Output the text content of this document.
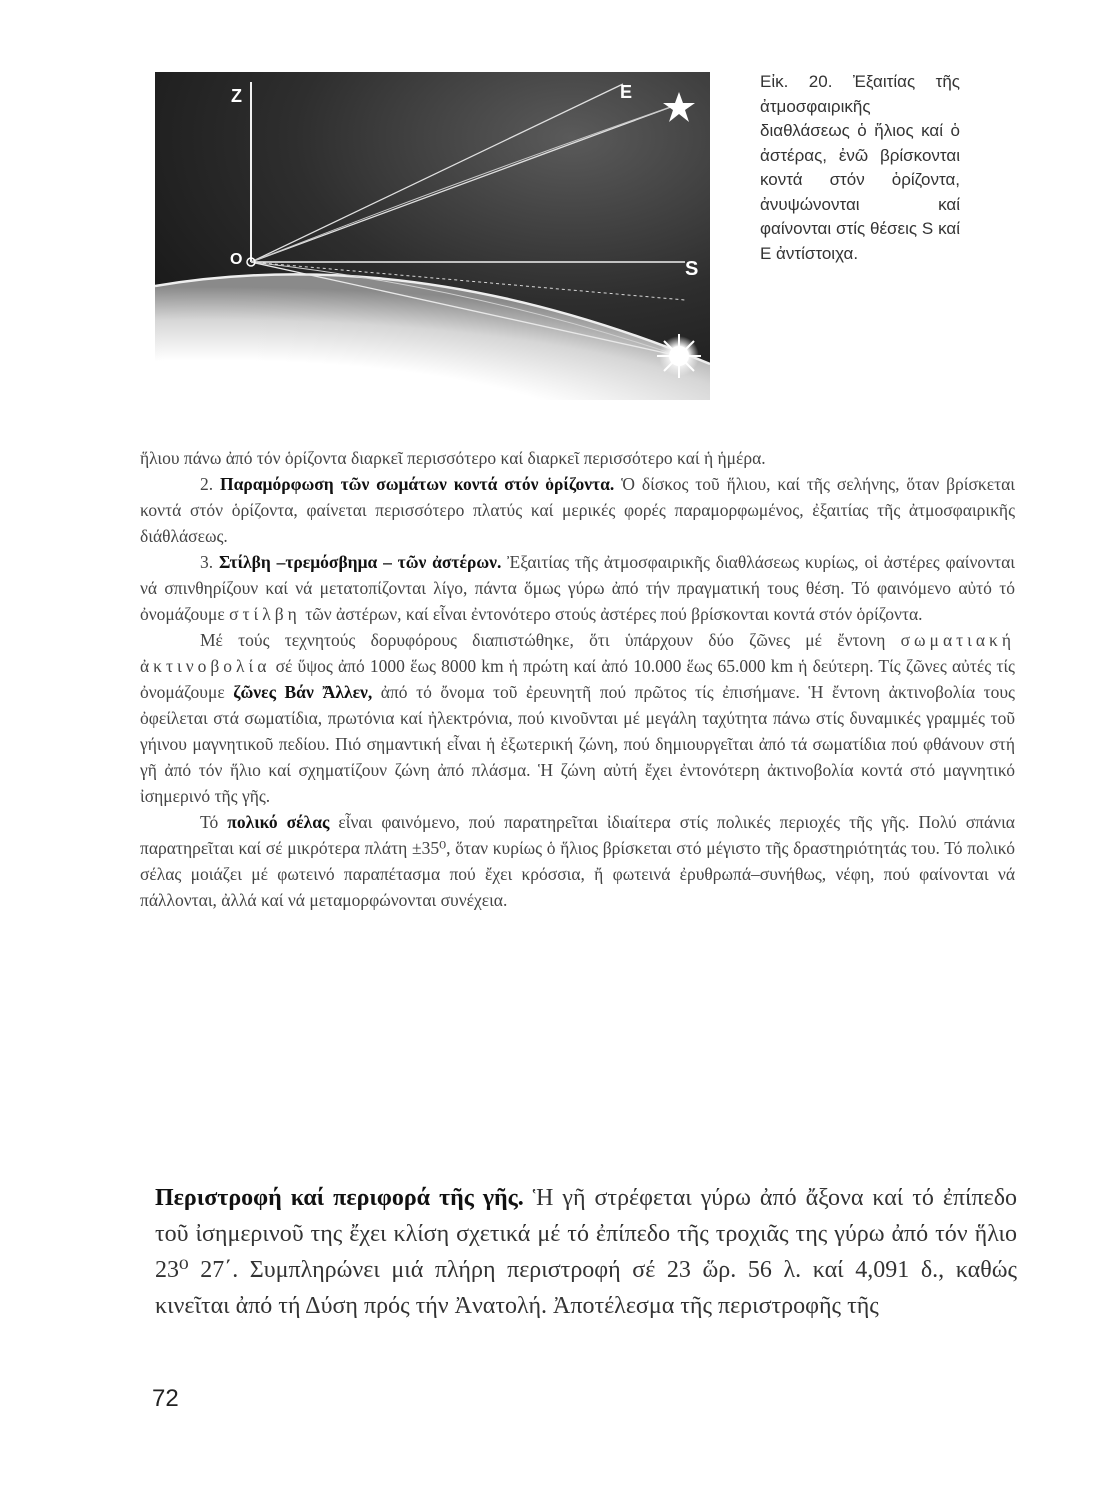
Z	E
O	S

Εἰκ. 20. Ἐξαιτίας τῆς ἀτμοσφαιρικῆς διαθλάσεως ὁ ἥλιος καί ὁ ἀστέρας, ἐνῶ βρίσκονται κοντά στόν ὁρίζοντα, ἀνυψώνονται καί φαίνονται στίς θέσεις S καί E ἀντίστοιχα.

ἥλιου πάνω ἀπό τόν ὁρίζοντα διαρκεῖ περισσότερο καί διαρκεῖ περισσότερο καί ἡ ἡμέρα.

2. Παραμόρφωση τῶν σωμάτων κοντά στόν ὁρίζοντα. Ὁ δίσκος τοῦ ἥλιου, καί τῆς σελήνης, ὅταν βρίσκεται κοντά στόν ὁρίζοντα, φαίνεται περισσότερο πλατύς καί μερικές φορές παραμορφωμένος, ἐξαιτίας τῆς ἀτμοσφαιρικῆς διάθλάσεως.

3. Στίλβη –τρεμόσβημα – τῶν ἀστέρων. Ἐξαιτίας τῆς ἀτμοσφαιρικῆς διαθλάσεως κυρίως, οἱ ἀστέρες φαίνονται νά σπινθηρίζουν καί νά μετατοπίζονται λίγο, πάντα ὅμως γύρω ἀπό τήν πραγματική τους θέση. Τό φαινόμενο αὐτό τό ὀνομάζουμε στίλβη τῶν ἀστέρων, καί εἶναι ἐντονότερο στούς ἀστέρες πού βρίσκονται κοντά στόν ὁρίζοντα.

Μέ τούς τεχνητούς δορυφόρους διαπιστώθηκε, ὅτι ὑπάρχουν δύο ζῶνες μέ ἔντονη σωματιακή ἀκτινοβολία σέ ὕψος ἀπό 1000 ἕως 8000 km ἡ πρώτη καί ἀπό 10.000 ἕως 65.000 km ἡ δεύτερη. Τίς ζῶνες αὐτές τίς ὀνομάζουμε ζῶνες Βάν Ἄλλεν, ἀπό τό ὄνομα τοῦ ἐρευνητῆ πού πρῶτος τίς ἐπισήμανε. Ἡ ἔντονη ἀκτινοβολία τους ὀφείλεται στά σωματίδια, πρωτόνια καί ἠλεκτρόνια, πού κινοῦνται μέ μεγάλη ταχύτητα πάνω στίς δυναμικές γραμμές τοῦ γήινου μαγνητικοῦ πεδίου. Πιό σημαντική εἶναι ἡ ἐξωτερική ζώνη, πού δημιουργεῖται ἀπό τά σωματίδια πού φθάνουν στή γῆ ἀπό τόν ἥλιο καί σχηματίζουν ζώνη ἀπό πλάσμα. Ἡ ζώνη αὐτή ἔχει ἐντονότερη ἀκτινοβολία κοντά στό μαγνητικό ἰσημερινό τῆς γῆς.

Τό πολικό σέλας εἶναι φαινόμενο, πού παρατηρεῖται ἰδιαίτερα στίς πολικές περιοχές τῆς γῆς. Πολύ σπάνια παρατηρεῖται καί σέ μικρότερα πλάτη ±35⁰, ὅταν κυρίως ὁ ἥλιος βρίσκεται στό μέγιστο τῆς δραστηριότητάς του. Τό πολικό σέλας μοιάζει μέ φωτεινό παραπέτασμα πού ἔχει κρόσσια, ἤ φωτεινά ἐρυθρωπά–συνήθως, νέφη, πού φαίνονται νά πάλλονται, ἀλλά καί νά μεταμορφώνονται συνέχεια.

Περιστροφή καί περιφορά τῆς γῆς. Ἡ γῆ στρέφεται γύρω ἀπό ἄξονα καί τό ἐπίπεδο τοῦ ἰσημερινοῦ της ἔχει κλίση σχετικά μέ τό ἐπίπεδο τῆς τροχιᾶς της γύρω ἀπό τόν ἥλιο 23⁰ 27΄. Συμπληρώνει μιά πλήρη περιστροφή σέ 23 ὥρ. 56 λ. καί 4,091 δ., καθώς κινεῖται ἀπό τή Δύση πρός τήν Ἀνατολή. Ἀποτέλεσμα τῆς περιστροφῆς τῆς

72
